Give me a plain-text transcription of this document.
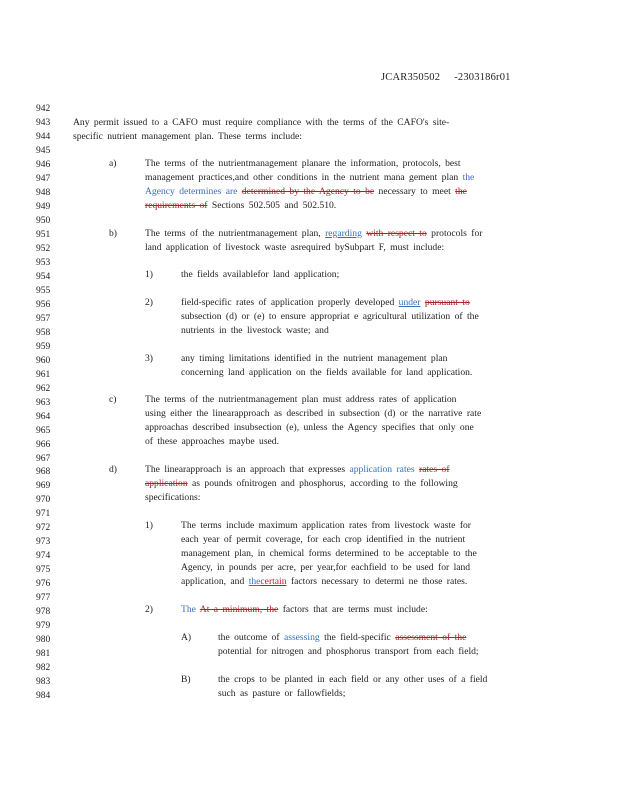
JCAR350502 -2303186r01
942
943
944
945
946
947
948
949
950
951
952
953
954
955
956
957
958
959
960
961
962
963
964
965
966
967
968
969
970
971
972
973
974
975
976
977
978
979
980
981
982
983
984
Any permit issued to a CAFO must require compliance with the terms of the CAFO's site-
specific nutrient management plan. These terms include:
a)	The terms of the nutrientmanagement planare the information, protocols, best
management practices,and other conditions in the nutrient mana gement plan the
Agency determines are determined by the Agency to be necessary to meet the
requirements of Sections 502.505 and 502.510.
b)	The terms of the nutrientmanagement plan, regarding with respect to protocols for
land application of livestock waste asrequired bySubpart F, must include:
1)	the fields availablefor land application;
2)	field-specific rates of application properly developed under pursuant to
subsection (d) or (e) to ensure appropriat e agricultural utilization of the
nutrients in the livestock waste; and
3)	any timing limitations identified in the nutrient management plan
concerning land application on the fields available for land application.
c)	The terms of the nutrientmanagement plan must address rates of application
using either the linearapproach as described in subsection (d) or the narrative rate
approachas described insubsection (e), unless the Agency specifies that only one
of these approaches maybe used.
d)	The linearapproach is an approach that expresses application rates rates of
application as pounds ofnitrogen and phosphorus, according to the following
specifications:
1)	The terms include maximum application rates from livestock waste for
each year of permit coverage, for each crop identified in the nutrient
management plan, in chemical forms determined to be acceptable to the
Agency, in pounds per acre, per year,for eachfield to be used for land
application, and thecertain factors necessary to determi ne those rates.
2)	The At a minimum, the factors that are terms must include:
A)	the outcome of assessing the field-specific assessment of the
potential for nitrogen and phosphorus transport from each field;
B)	the crops to be planted in each field or any other uses of a field
such as pasture or fallowfields;
